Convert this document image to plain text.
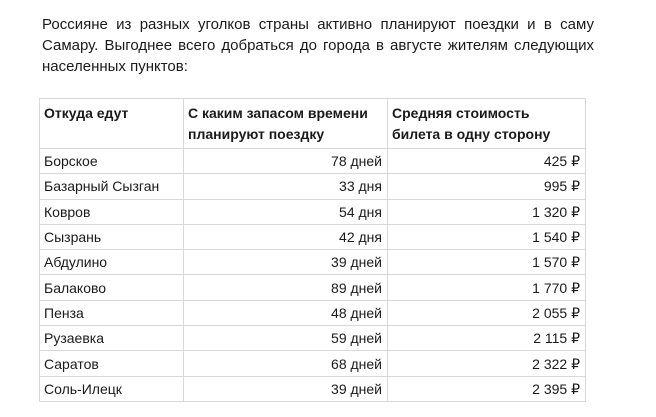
Россияне из разных уголков страны активно планируют поездки и в саму Самару. Выгоднее всего добраться до города в августе жителям следующих населенных пунктов:

Откуда едут	С каким запасом времени планируют поездку	Средняя стоимость билета в одну сторону
Борское	78 дней	425 ₽
Базарный Сызган	33 дня	995 ₽
Ковров	54 дня	1 320 ₽
Сызрань	42 дня	1 540 ₽
Абдулино	39 дней	1 570 ₽
Балаково	89 дней	1 770 ₽
Пенза	48 дней	2 055 ₽
Рузаевка	59 дней	2 115 ₽
Саратов	68 дней	2 322 ₽
Соль-Илецк	39 дней	2 395 ₽
